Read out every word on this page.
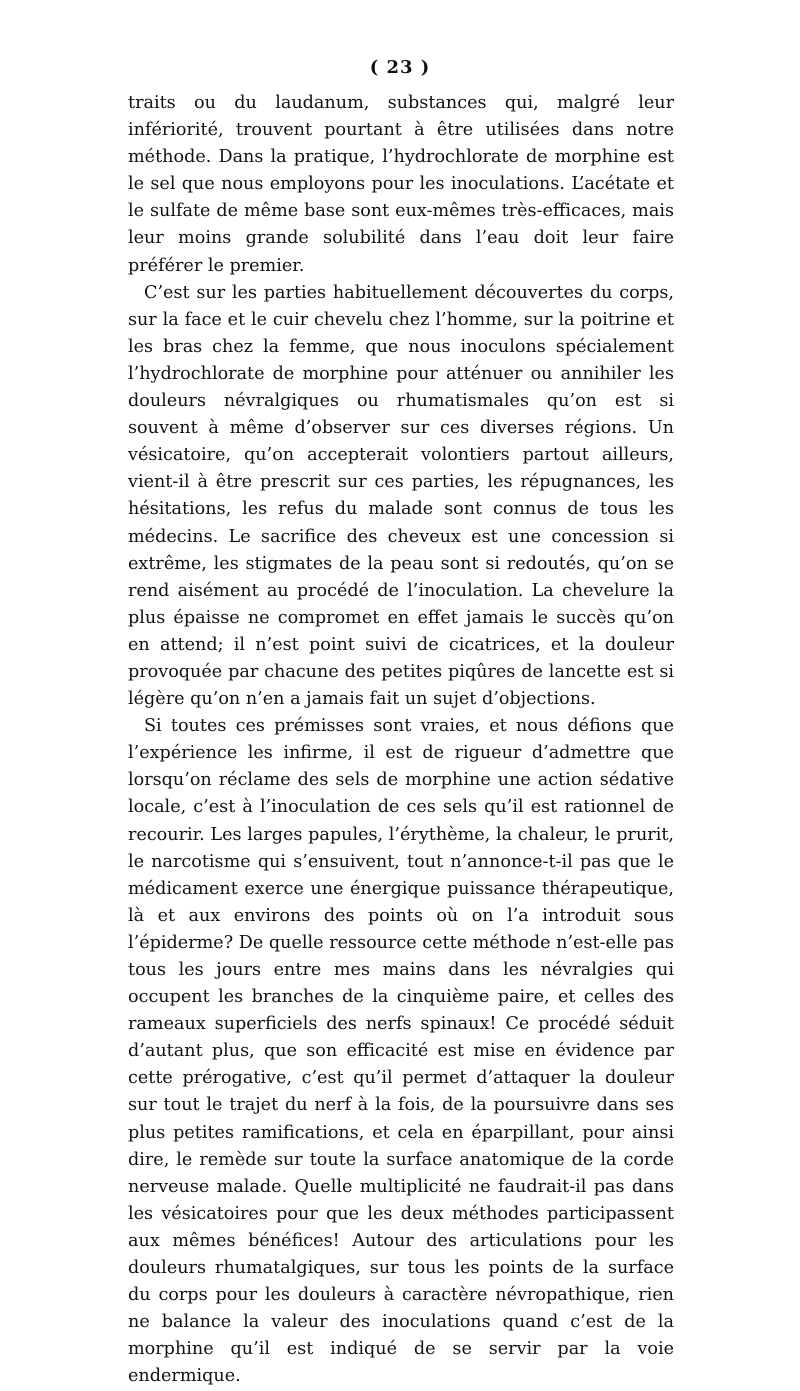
( 23 )

traits ou du laudanum, substances qui, malgré leur infériorité, trouvent pourtant à être utilisées dans notre méthode. Dans la pratique, l’hydrochlorate de morphine est le sel que nous employons pour les inoculations. L’acétate et le sulfate de même base sont eux-mêmes très-efficaces, mais leur moins grande solubilité dans l’eau doit leur faire préférer le premier.

C’est sur les parties habituellement découvertes du corps, sur la face et le cuir chevelu chez l’homme, sur la poitrine et les bras chez la femme, que nous inoculons spécialement l’hydrochlorate de morphine pour atténuer ou annihiler les douleurs névralgiques ou rhumatismales qu’on est si souvent à même d’observer sur ces diverses régions. Un vésicatoire, qu’on accepterait volontiers partout ailleurs, vient-il à être prescrit sur ces parties, les répugnances, les hésitations, les refus du malade sont connus de tous les médecins. Le sacrifice des cheveux est une concession si extrême, les stigmates de la peau sont si redoutés, qu’on se rend aisément au procédé de l’inoculation. La chevelure la plus épaisse ne compromet en effet jamais le succès qu’on en attend; il n’est point suivi de cicatrices, et la douleur provoquée par chacune des petites piqûres de lancette est si légère qu’on n’en a jamais fait un sujet d’objections.

Si toutes ces prémisses sont vraies, et nous défions que l’expérience les infirme, il est de rigueur d’admettre que lorsqu’on réclame des sels de morphine une action sédative locale, c’est à l’inoculation de ces sels qu’il est rationnel de recourir. Les larges papules, l’érythème, la chaleur, le prurit, le narcotisme qui s’ensuivent, tout n’annonce-t-il pas que le médicament exerce une énergique puissance thérapeutique, là et aux environs des points où on l’a introduit sous l’épiderme? De quelle ressource cette méthode n’est-elle pas tous les jours entre mes mains dans les névralgies qui occupent les branches de la cinquième paire, et celles des rameaux superficiels des nerfs spinaux! Ce procédé séduit d’autant plus, que son efficacité est mise en évidence par cette prérogative, c’est qu’il permet d’attaquer la douleur sur tout le trajet du nerf à la fois, de la poursuivre dans ses plus petites ramifications, et cela en éparpillant, pour ainsi dire, le remède sur toute la surface anatomique de la corde nerveuse malade. Quelle multiplicité ne faudrait-il pas dans les vésicatoires pour que les deux méthodes participassent aux mêmes bénéfices! Autour des articulations pour les douleurs rhumatalgiques, sur tous les points de la surface du corps pour les douleurs à caractère névropathique, rien ne balance la valeur des inoculations quand c’est de la morphine qu’il est indiqué de se servir par la voie endermique.
